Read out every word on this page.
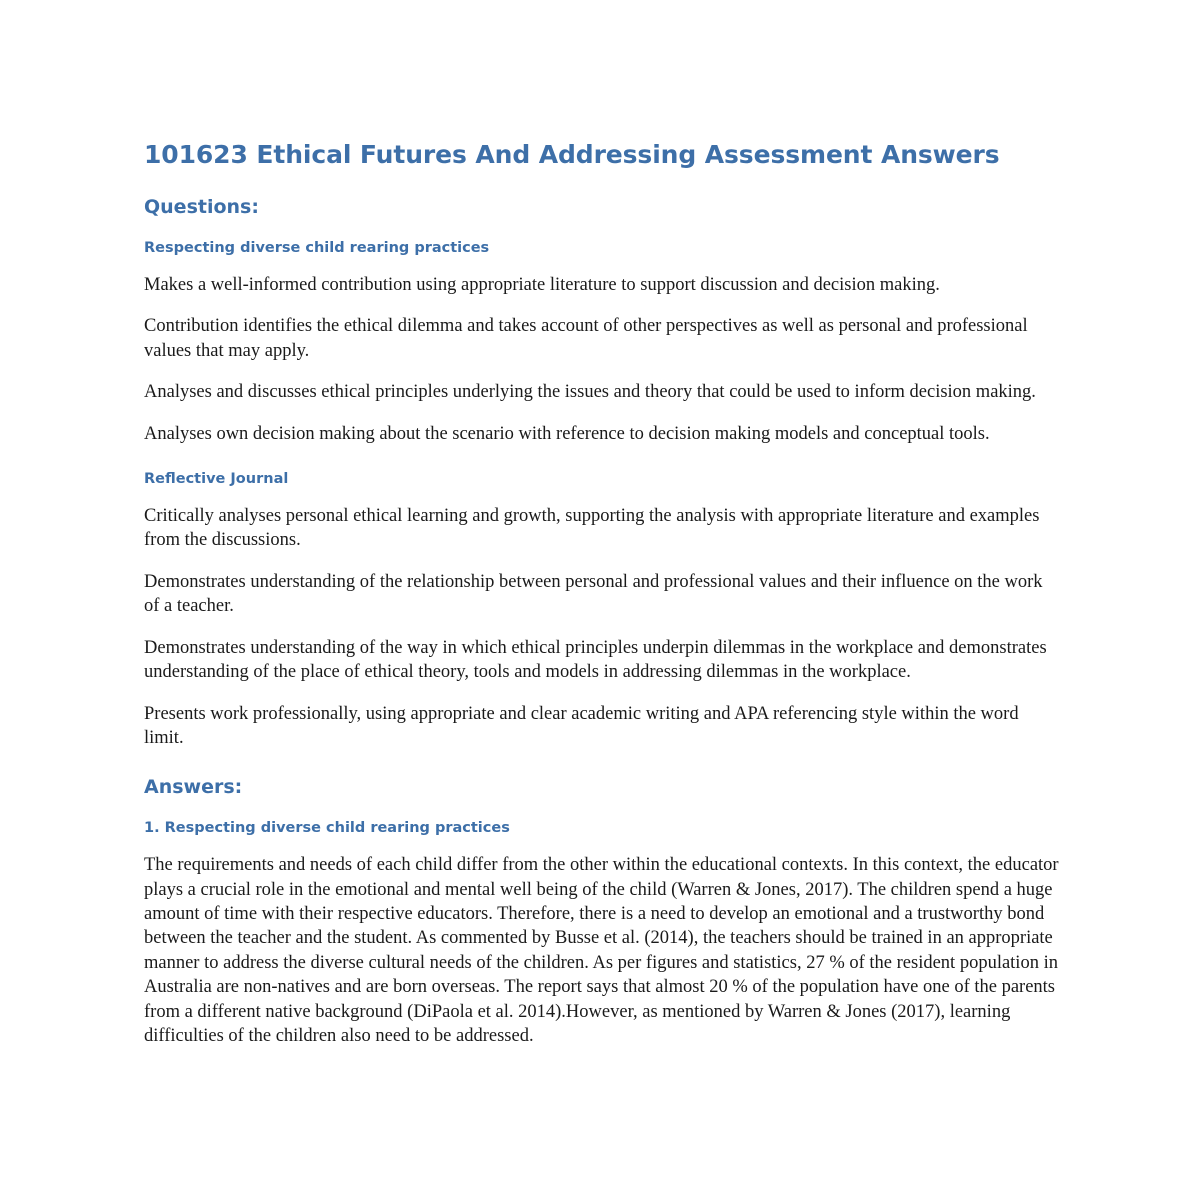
101623 Ethical Futures And Addressing Assessment Answers
Questions:
Respecting diverse child rearing practices

Makes a well-informed contribution using appropriate literature to support discussion and decision making.

Contribution identifies the ethical dilemma and takes account of other perspectives as well as personal and professional values that may apply.

Analyses and discusses ethical principles underlying the issues and theory that could be used to inform decision making.

Analyses own decision making about the scenario with reference to decision making models and conceptual tools.

Reflective Journal

Critically analyses personal ethical learning and growth, supporting the analysis with appropriate literature and examples from the discussions.

Demonstrates understanding of the relationship between personal and professional values and their influence on the work of a teacher.

Demonstrates understanding of the way in which ethical principles underpin dilemmas in the workplace and demonstrates understanding of the place of ethical theory, tools and models in addressing dilemmas in the workplace.

Presents work professionally, using appropriate and clear academic writing and APA referencing style within the word limit.

Answers:
1. Respecting diverse child rearing practices

The requirements and needs of each child differ from the other within the educational contexts. In this context, the educator plays a crucial role in the emotional and mental well being of the child (Warren & Jones, 2017). The children spend a huge amount of time with their respective educators. Therefore, there is a need to develop an emotional and a trustworthy bond between the teacher and the student. As commented by Busse et al. (2014), the teachers should be trained in an appropriate manner to address the diverse cultural needs of the children. As per figures and statistics, 27 % of the resident population in Australia are non-natives and are born overseas. The report says that almost 20 % of the population have one of the parents from a different native background (DiPaola et al. 2014).However, as mentioned by Warren & Jones (2017), learning difficulties of the children also need to be addressed.
